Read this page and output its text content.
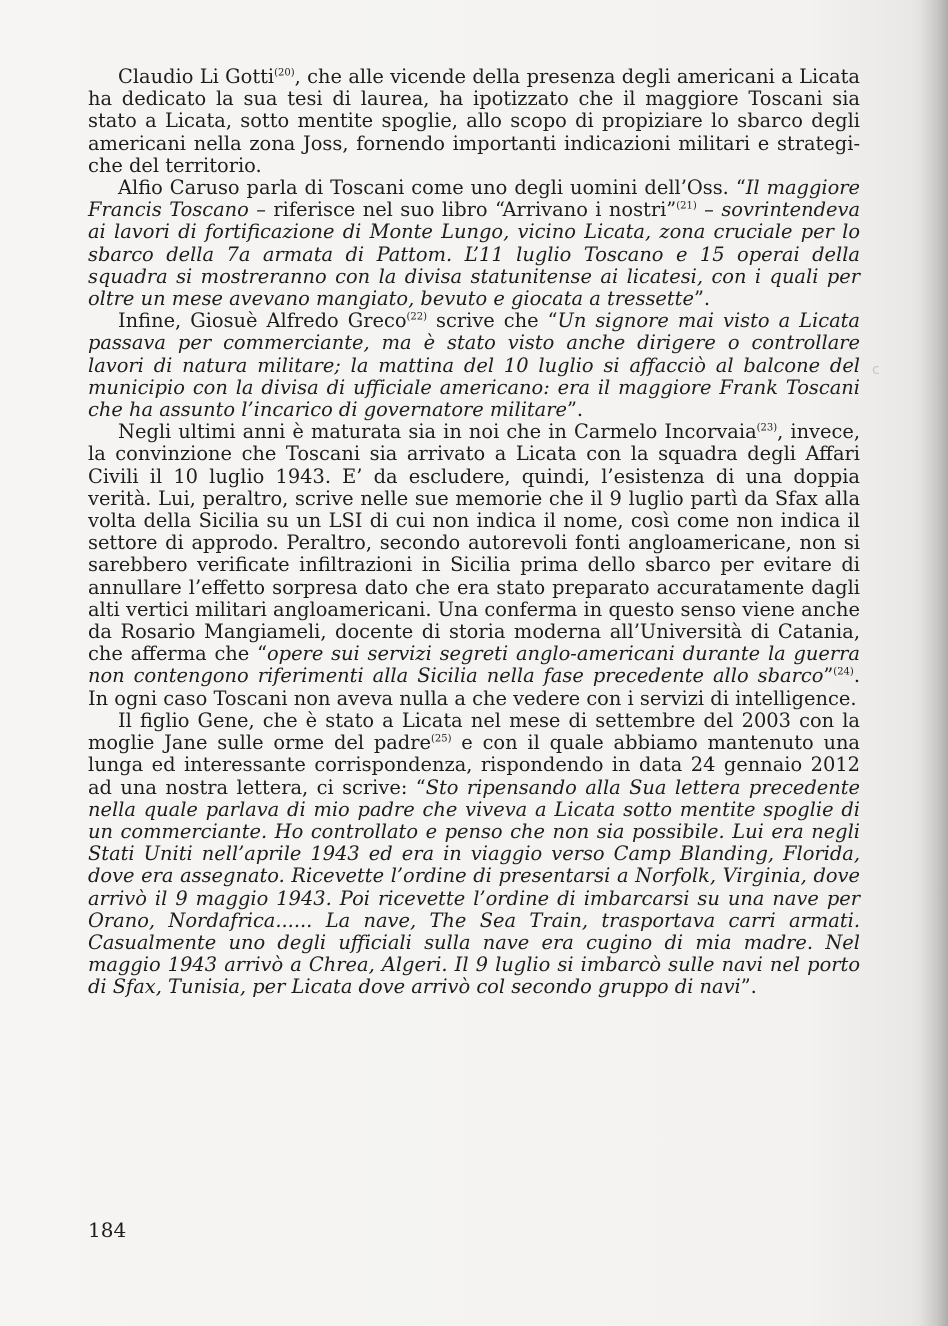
Claudio Li Gotti$^{(20)}$, che alle vicende della presenza degli americani a Licata ha dedicato la sua tesi di laurea, ha ipotizzato che il maggiore Toscani sia stato a Licata, sotto mentite spoglie, allo scopo di propiziare lo sbarco degli americani nella zona Joss, fornendo importanti indicazioni militari e strategiche del territorio.

Alfio Caruso parla di Toscani come uno degli uomini dell’Oss. “Il maggiore Francis Toscano – riferisce nel suo libro “Arrivano i nostri”$^{(21)}$ – sovrintendeva ai lavori di fortificazione di Monte Lungo, vicino Licata, zona cruciale per lo sbarco della 7a armata di Pattom. L’11 luglio Toscano e 15 operai della squadra si mostreranno con la divisa statunitense ai licatesi, con i quali per oltre un mese avevano mangiato, bevuto e giocata a tressette”.

Infine, Giosuè Alfredo Greco$^{(22)}$ scrive che “Un signore mai visto a Licata passava per commerciante, ma è stato visto anche dirigere o controllare lavori di natura militare; la mattina del 10 luglio si affacciò al balcone del municipio con la divisa di ufficiale americano: era il maggiore Frank Toscani che ha assunto l’incarico di governatore militare”.

Negli ultimi anni è maturata sia in noi che in Carmelo Incorvaia$^{(23)}$, invece, la convinzione che Toscani sia arrivato a Licata con la squadra degli Affari Civili il 10 luglio 1943. E’ da escludere, quindi, l’esistenza di una doppia verità. Lui, peraltro, scrive nelle sue memorie che il 9 luglio partì da Sfax alla volta della Sicilia su un LSI di cui non indica il nome, così come non indica il settore di approdo. Peraltro, secondo autorevoli fonti angloamericane, non si sarebbero verificate infiltrazioni in Sicilia prima dello sbarco per evitare di annullare l’effetto sorpresa dato che era stato preparato accuratamente dagli alti vertici militari angloamericani. Una conferma in questo senso viene anche da Rosario Mangiameli, docente di storia moderna all’Università di Catania, che afferma che “opere sui servizi segreti anglo-americani durante la guerra non contengono riferimenti alla Sicilia nella fase precedente allo sbarco”$^{(24)}$. In ogni caso Toscani non aveva nulla a che vedere con i servizi di intelligence.

Il figlio Gene, che è stato a Licata nel mese di settembre del 2003 con la moglie Jane sulle orme del padre$^{(25)}$ e con il quale abbiamo mantenuto una lunga ed interessante corrispondenza, rispondendo in data 24 gennaio 2012 ad una nostra lettera, ci scrive: “Sto ripensando alla Sua lettera precedente nella quale parlava di mio padre che viveva a Licata sotto mentite spoglie di un commerciante. Ho controllato e penso che non sia possibile. Lui era negli Stati Uniti nell’aprile 1943 ed era in viaggio verso Camp Blanding, Florida, dove era assegnato. Ricevette l’ordine di presentarsi a Norfolk, Virginia, dove arrivò il 9 maggio 1943. Poi ricevette l’ordine di imbarcarsi su una nave per Orano, Nordafrica...... La nave, The Sea Train, trasportava carri armati. Casualmente uno degli ufficiali sulla nave era cugino di mia madre. Nel maggio 1943 arrivò a Chrea, Algeri. Il 9 luglio si imbarcò sulle navi nel porto di Sfax, Tunisia, per Licata dove arrivò col secondo gruppo di navi”.

c
184
